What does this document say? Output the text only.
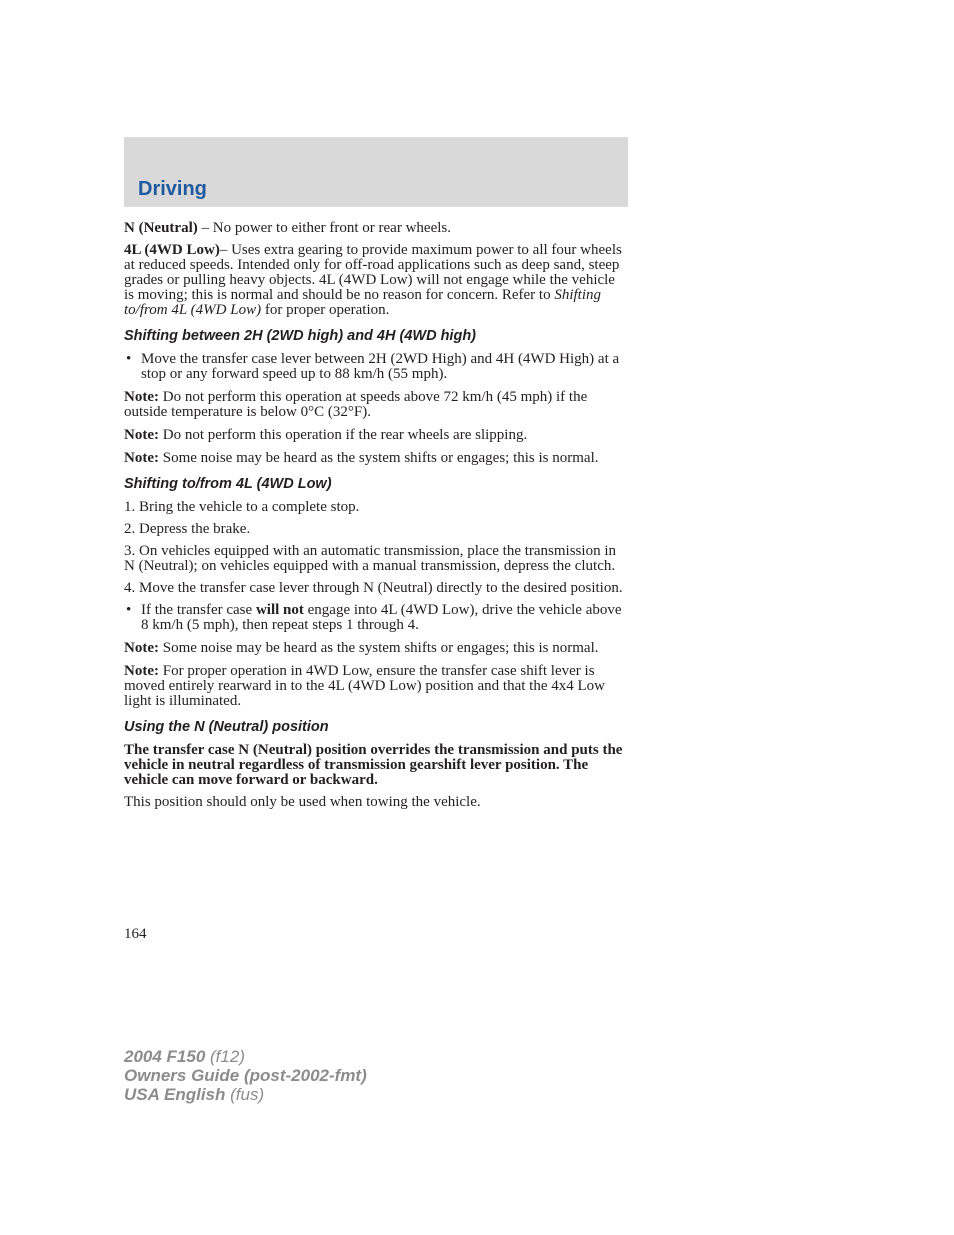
Driving

N (Neutral) – No power to either front or rear wheels.

4L (4WD Low)– Uses extra gearing to provide maximum power to all four wheels at reduced speeds. Intended only for off-road applications such as deep sand, steep grades or pulling heavy objects. 4L (4WD Low) will not engage while the vehicle is moving; this is normal and should be no reason for concern. Refer to Shifting to/from 4L (4WD Low) for proper operation.

Shifting between 2H (2WD high) and 4H (4WD high)

• Move the transfer case lever between 2H (2WD High) and 4H (4WD High) at a stop or any forward speed up to 88 km/h (55 mph).

Note: Do not perform this operation at speeds above 72 km/h (45 mph) if the outside temperature is below 0°C (32°F).

Note: Do not perform this operation if the rear wheels are slipping.

Note: Some noise may be heard as the system shifts or engages; this is normal.

Shifting to/from 4L (4WD Low)

1. Bring the vehicle to a complete stop.

2. Depress the brake.

3. On vehicles equipped with an automatic transmission, place the transmission in N (Neutral); on vehicles equipped with a manual transmission, depress the clutch.

4. Move the transfer case lever through N (Neutral) directly to the desired position.

• If the transfer case will not engage into 4L (4WD Low), drive the vehicle above 8 km/h (5 mph), then repeat steps 1 through 4.

Note: Some noise may be heard as the system shifts or engages; this is normal.

Note: For proper operation in 4WD Low, ensure the transfer case shift lever is moved entirely rearward in to the 4L (4WD Low) position and that the 4x4 Low light is illuminated.

Using the N (Neutral) position

The transfer case N (Neutral) position overrides the transmission and puts the vehicle in neutral regardless of transmission gearshift lever position. The vehicle can move forward or backward.

This position should only be used when towing the vehicle.

164
2004 F150 (f12)
Owners Guide (post-2002-fmt)
USA English (fus)
